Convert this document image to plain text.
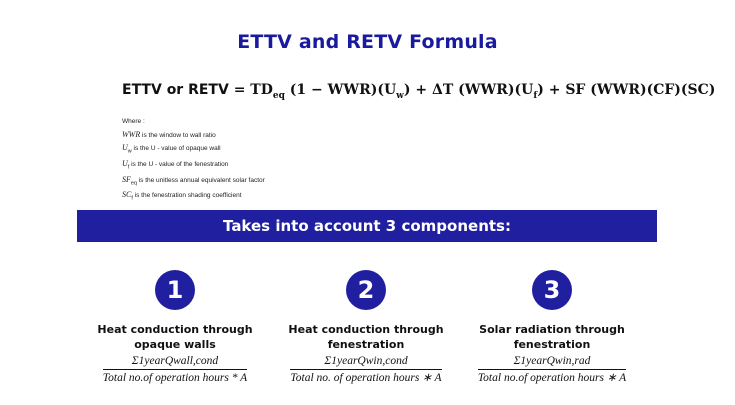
ETTV and RETV Formula
ETTV or RETV = $TD_{eq}$ $(1 - WWR)(U_w) + \Delta T$ $(WWR)(U_f)$ + SF (WWR)(CF)(SC)
Where :
WWR is the window to wall ratio
$U_w$ is the U - value of opaque wall
$U_f$ is the U - value of the fenestration
$SF_{eq}$ is the unitless annual equivalent solar factor
$SC_f$ is the fenestration shading coefficient
Takes into account 3 components:
1
Heat conduction through opaque walls
$\frac{\text{Σ1yearQwall,cond}}{\text{Total no.of operation hours * A}}$
2
Heat conduction through fenestration
$\frac{\text{Σ1yearQwin,cond}}{\text{Total no. of operation hours ∗ A}}$
3
Solar radiation through fenestration
$\frac{\text{Σ1yearQwin,rad}}{\text{Total no.of operation hours ∗ A}}$
